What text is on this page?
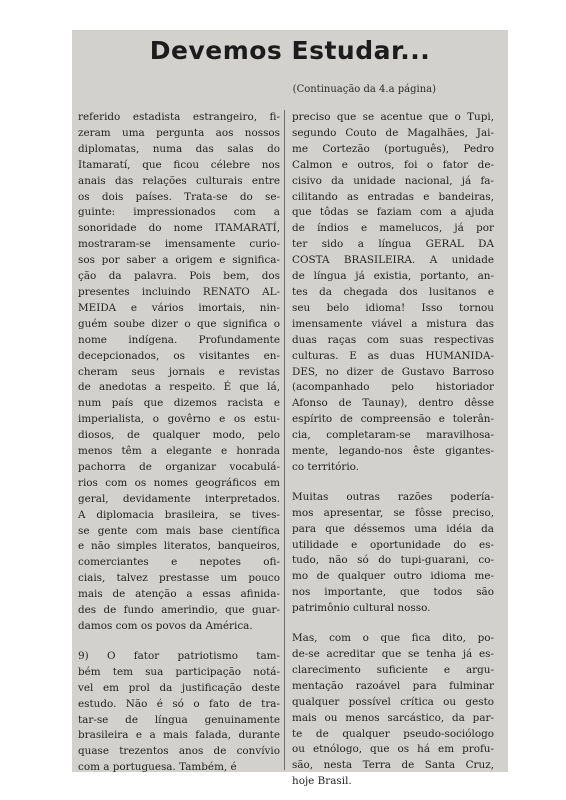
Devemos Estudar...
(Continuação da 4.a página)

referido estadista estrangeiro, fi-
zeram uma pergunta aos nossos
diplomatas, numa das salas do
Itamaratí, que ficou célebre nos
anais das relações culturais entre
os dois países. Trata-se do se-
guinte: impressionados com a
sonoridade do nome ITAMARATÍ,
mostraram-se imensamente curio-
sos por saber a origem e significa-
ção da palavra. Pois bem, dos
presentes incluindo RENATO AL-
MEIDA e vários imortais, nin-
guém soube dizer o que significa o
nome indígena. Profundamente
decepcionados, os visitantes en-
cheram seus jornais e revistas
de anedotas a respeito. É que lá,
num país que dizemos racista e
imperialista, o govêrno e os estu-
diosos, de qualquer modo, pelo
menos têm a elegante e honrada
pachorra de organizar vocabulá-
rios com os nomes geográficos em
geral, devidamente interpretados.
A diplomacia brasileira, se tives-
se gente com mais base científica
e não simples literatos, banqueiros,
comerciantes e nepotes ofi-
ciais, talvez prestasse um pouco
mais de atenção a essas afinida-
des de fundo amerindio, que guar-
damos com os povos da América.

9) O fator patriotismo tam-
bém tem sua participação notá-
vel em prol da justificação deste
estudo. Não é só o fato de tra-
tar-se de língua genuinamente
brasileira e a mais falada, durante
quase trezentos anos de convívio
com a portuguesa. Também, é

preciso que se acentue que o Tupi,
segundo Couto de Magalhães, Jai-
me Cortezão (português), Pedro
Calmon e outros, foi o fator de-
cisivo da unidade nacional, já fa-
cilitando as entradas e bandeiras,
que tôdas se faziam com a ajuda
de índios e mamelucos, já por
ter sido a língua GERAL DA
COSTA BRASILEIRA. A unidade
de língua já existia, portanto, an-
tes da chegada dos lusitanos e
seu belo idioma! Isso tornou
imensamente viável a mistura das
duas raças com suas respectivas
culturas. E as duas HUMANIDA-
DES, no dizer de Gustavo Barroso
(acompanhado pelo historiador
Afonso de Taunay), dentro dêsse
espírito de compreensão e tolerân-
cia, completaram-se maravilhosa-
mente, legando-nos êste gigantes-
co território.

Muitas outras razões podería-
mos apresentar, se fôsse preciso,
para que déssemos uma idéia da
utilidade e oportunidade do es-
tudo, não só do tupi-guarani, co-
mo de qualquer outro idioma me-
nos importante, que todos são
patrimônio cultural nosso.

Mas, com o que fica dito, po-
de-se acreditar que se tenha já es-
clarecimento suficiente e argu-
mentação razoável para fulminar
qualquer possível crítica ou gesto
mais ou menos sarcástico, da par-
te de qualquer pseudo-sociólogo
ou etnólogo, que os há em profu-
são, nesta Terra de Santa Cruz,
hoje Brasil.
